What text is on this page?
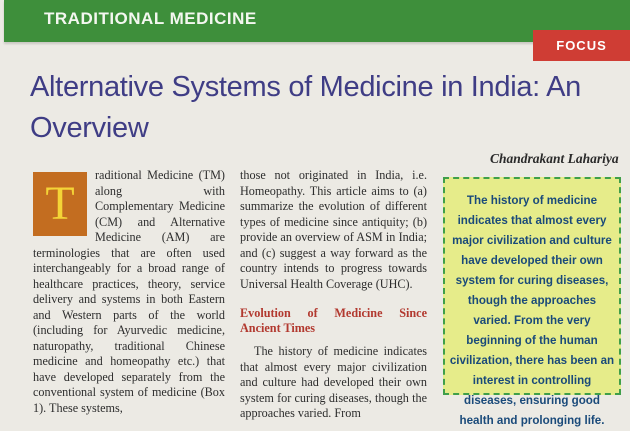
TRADITIONAL MEDICINE
FOCUS
Alternative Systems of Medicine in India: An Overview
Chandrakant Lahariya
T
raditional Medicine (TM) along with Complementary Medicine (CM) and Alternative Medicine (AM) are terminologies that are often used interchangeably for a broad range of healthcare practices, theory, service delivery and systems in both Eastern and Western parts of the world (including for Ayurvedic medicine, naturopathy, traditional Chinese medicine and homeopathy etc.) that have developed separately from the conventional system of medicine (Box 1). These systems,

those not originated in India, i.e. Homeopathy. This article aims to (a) summarize the evolution of different types of medicine since antiquity; (b) provide an overview of ASM in India; and (c) suggest a way forward as the country intends to progress towards Universal Health Coverage (UHC).

Evolution of Medicine Since Ancient Times

The history of medicine indicates that almost every major civilization and culture had developed their own system for curing diseases, though the approaches varied. From

The history of medicine indicates that almost every major civilization and culture have developed their own system for curing diseases, though the approaches varied. From the very beginning of the human civilization, there has been an interest in controlling diseases, ensuring good health and prolonging life.
